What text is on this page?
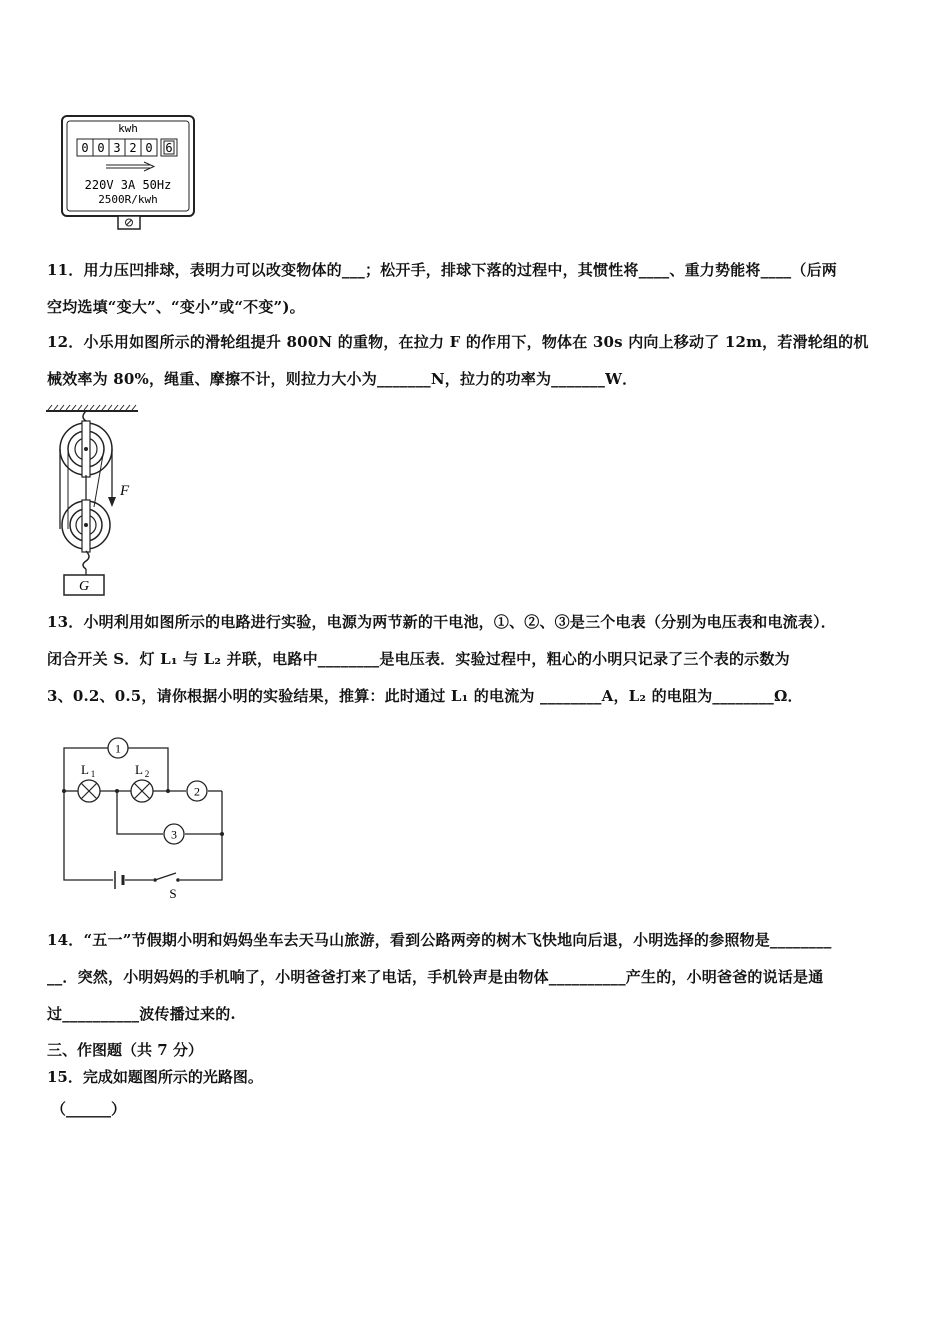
kwh
0 0 3 2 0 6
220V 3A 50Hz
2500R/kwh
11．用力压凹排球，表明力可以改变物体的___；松开手，排球下落的过程中，其惯性将____、重力势能将____（后两
空均选填“变大”、“变小”或“不变”)。
12．小乐用如图所示的滑轮组提升 800N 的重物，在拉力 F 的作用下，物体在 30s 内向上移动了 12m，若滑轮组的机
械效率为 80%，绳重、摩擦不计，则拉力大小为_______N，拉力的功率为_______W．
F
G
13．小明利用如图所示的电路进行实验，电源为两节新的干电池，①、②、③是三个电表（分别为电压表和电流表）．
闭合开关 S．灯 L₁ 与 L₂ 并联，电路中________是电压表．实验过程中，粗心的小明只记录了三个表的示数为
3、0.2、0.5，请你根据小明的实验结果，推算：此时通过 L₁ 的电流为 ________A，L₂ 的电阻为________Ω．
1
L 1	L 2
2
3
S
14．“五一”节假期小明和妈妈坐车去天马山旅游，看到公路两旁的树木飞快地向后退，小明选择的参照物是________
__．突然，小明妈妈的手机响了，小明爸爸打来了电话，手机铃声是由物体__________产生的，小明爸爸的说话是通
过__________波传播过来的.
三、作图题（共 7 分）
15．完成如题图所示的光路图。
（______）
